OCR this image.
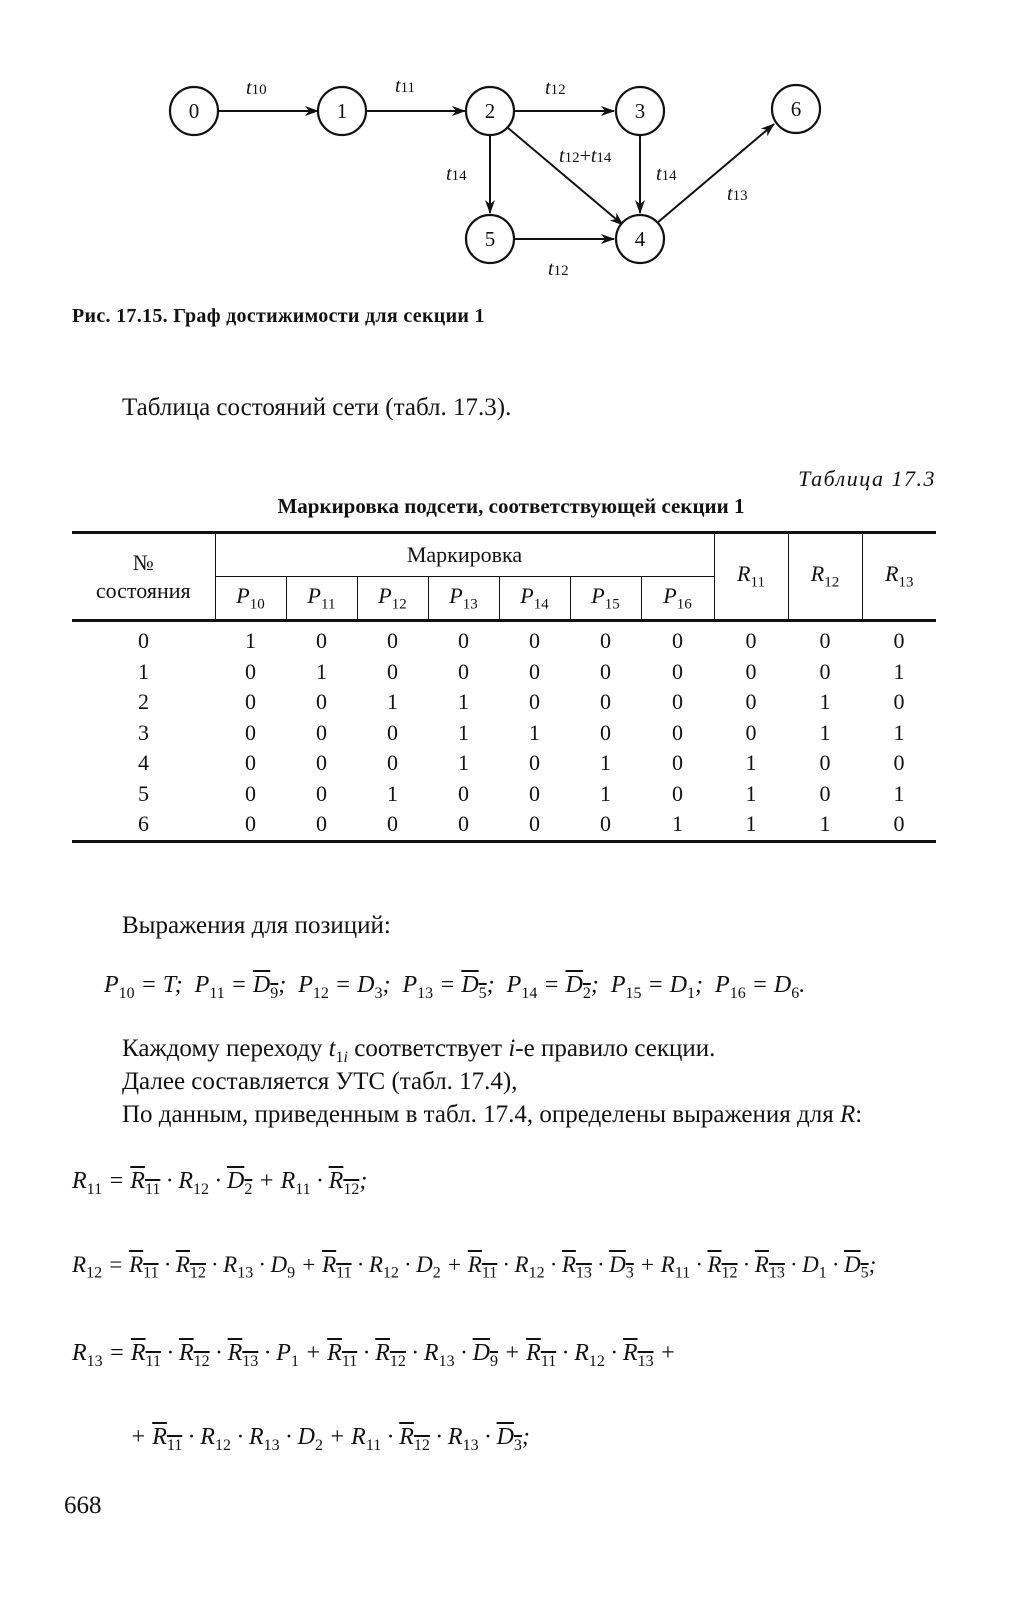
0	1	2	3	6
5	4
t10	t11	t12
t12+t14
t14	t14
t13
t12
Рис. 17.15. Граф достижимости для секции 1
Таблица состояний сети (табл. 17.3).
Таблица 17.3
Маркировка подсети, соответствующей секции 1
№
состояния	Маркировка							$R_{11}$	$R_{12}$	$R_{13}$
	$P_{10}$	$P_{11}$	$P_{12}$	$P_{13}$	$P_{14}$	$P_{15}$	$P_{16}$
0	1	0	0	0	0	0	0	0	0	0
1	0	1	0	0	0	0	0	0	0	1
2	0	0	1	1	0	0	0	0	1	0
3	0	0	0	1	1	0	0	0	1	1
4	0	0	0	1	0	1	0	1	0	0
5	0	0	1	0	0	1	0	1	0	1
6	0	0	0	0	0	0	1	1	1	0
Выражения для позиций:
$P_{10} = T$;  $P_{11} = D_9$;  $P_{12} = D_3$;  $P_{13} = D_5$;  $P_{14} = D_2$;  $P_{15} = D_1$;  $P_{16} = D_6$.
Каждому переходу $t_{1i}$ соответствует i-е правило секции.
Далее составляется УТС (табл. 17.4),
По данным, приведенным в табл. 17.4, определены выражения для R:
$R_{11} = R_{11} \cdot R_{12} \cdot D_2 + R_{11} \cdot R_{12}$;
$R_{12} = R_{11} \cdot R_{12} \cdot R_{13} \cdot D_9 + R_{11} \cdot R_{12} \cdot D_2 + R_{11} \cdot R_{12} \cdot R_{13} \cdot D_3 + R_{11} \cdot R_{12} \cdot R_{13} \cdot D_1 \cdot D_5$;
$R_{13} = R_{11} \cdot R_{12} \cdot R_{13} \cdot P_1 + R_{11} \cdot R_{12} \cdot R_{13} \cdot D_9 + R_{11} \cdot R_{12} \cdot R_{13}$ +
+ $R_{11} \cdot R_{12} \cdot R_{13} \cdot D_2 + R_{11} \cdot R_{12} \cdot R_{13} \cdot D_3$;
668
